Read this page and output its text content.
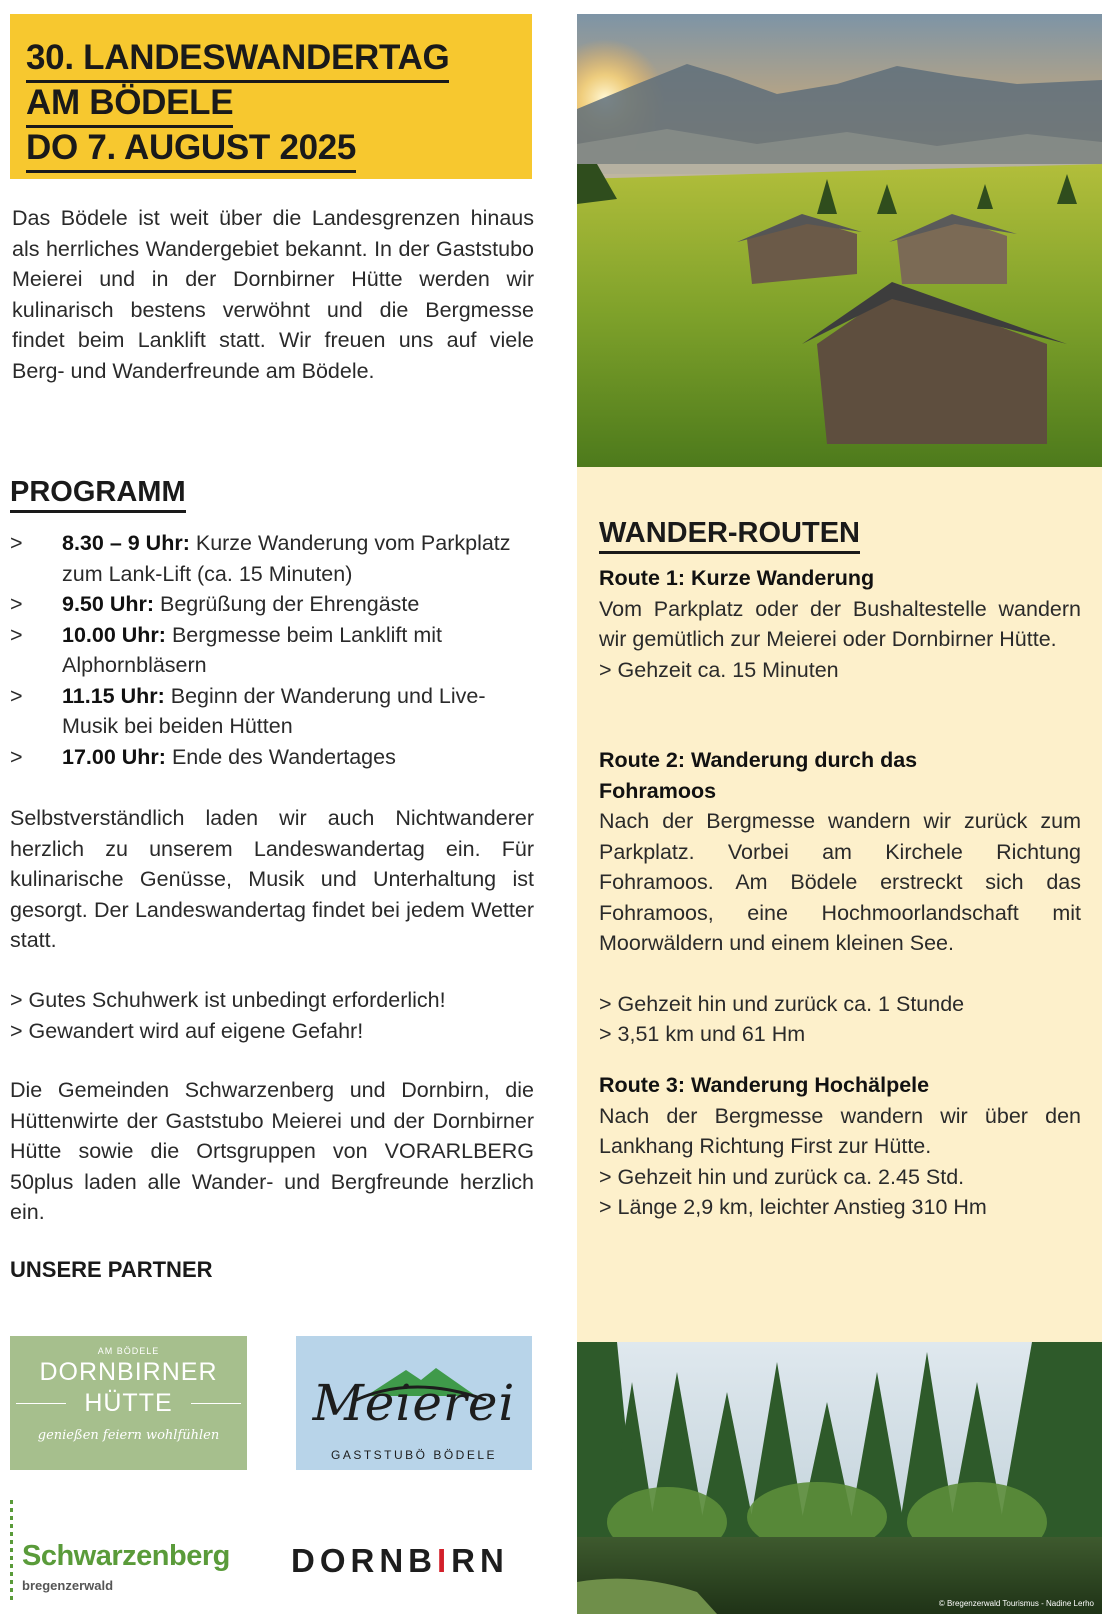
30. LANDESWANDERTAG
AM BÖDELE
DO 7. AUGUST 2025
Das Bödele ist weit über die Landesgrenzen hinaus als herrliches Wandergebiet bekannt. In der Gaststubo Meierei und in der Dornbirner Hütte werden wir kulinarisch bestens verwöhnt und die Bergmesse findet beim Lanklift statt. Wir freuen uns auf viele Berg- und Wanderfreunde am Bödele.
PROGRAMM
> 8.30 – 9 Uhr: Kurze Wanderung vom Parkplatz zum Lank-Lift (ca. 15 Minuten)
> 9.50 Uhr: Begrüßung der Ehrengäste
> 10.00 Uhr: Bergmesse beim Lanklift mit Alphornbläsern
> 11.15 Uhr: Beginn der Wanderung und Live-Musik bei beiden Hütten
> 17.00 Uhr: Ende des Wandertages
Selbstverständlich laden wir auch Nichtwanderer herzlich zu unserem Landeswandertag ein. Für kulinarische Genüsse, Musik und Unterhaltung ist gesorgt. Der Landeswandertag findet bei jedem Wetter statt.
> Gutes Schuhwerk ist unbedingt erforderlich!
> Gewandert wird auf eigene Gefahr!
Die Gemeinden Schwarzenberg und Dornbirn, die Hüttenwirte der Gaststubo Meierei und der Dornbirner Hütte sowie die Ortsgruppen von VORARLBERG 50plus laden alle Wander- und Bergfreunde herzlich ein.
UNSERE PARTNER
AM BÖDELE
DORNBIRNER
HÜTTE
genießen feiern wohlfühlen
Meierei
GASTSTUBÖ BÖDELE
Schwarzenberg
bregenzerwald
DORNBIRN
WANDER-ROUTEN
Route 1: Kurze Wanderung
Vom Parkplatz oder der Bushaltestelle wandern wir gemütlich zur Meierei oder Dornbirner Hütte.
> Gehzeit ca. 15 Minuten
Route 2: Wanderung durch das Fohramoos
Nach der Bergmesse wandern wir zurück zum Parkplatz. Vorbei am Kirchele Richtung Fohramoos. Am Bödele erstreckt sich das Fohramoos, eine Hochmoorlandschaft mit Moorwäldern und einem kleinen See.
> Gehzeit hin und zurück ca. 1 Stunde
> 3,51 km und 61 Hm
Route 3: Wanderung Hochälpele
Nach der Bergmesse wandern wir über den Lankhang Richtung First zur Hütte.
> Gehzeit hin und zurück ca. 2.45 Std.
> Länge 2,9 km, leichter Anstieg 310 Hm
© Bregenzerwald Tourismus - Nadine Lerho
